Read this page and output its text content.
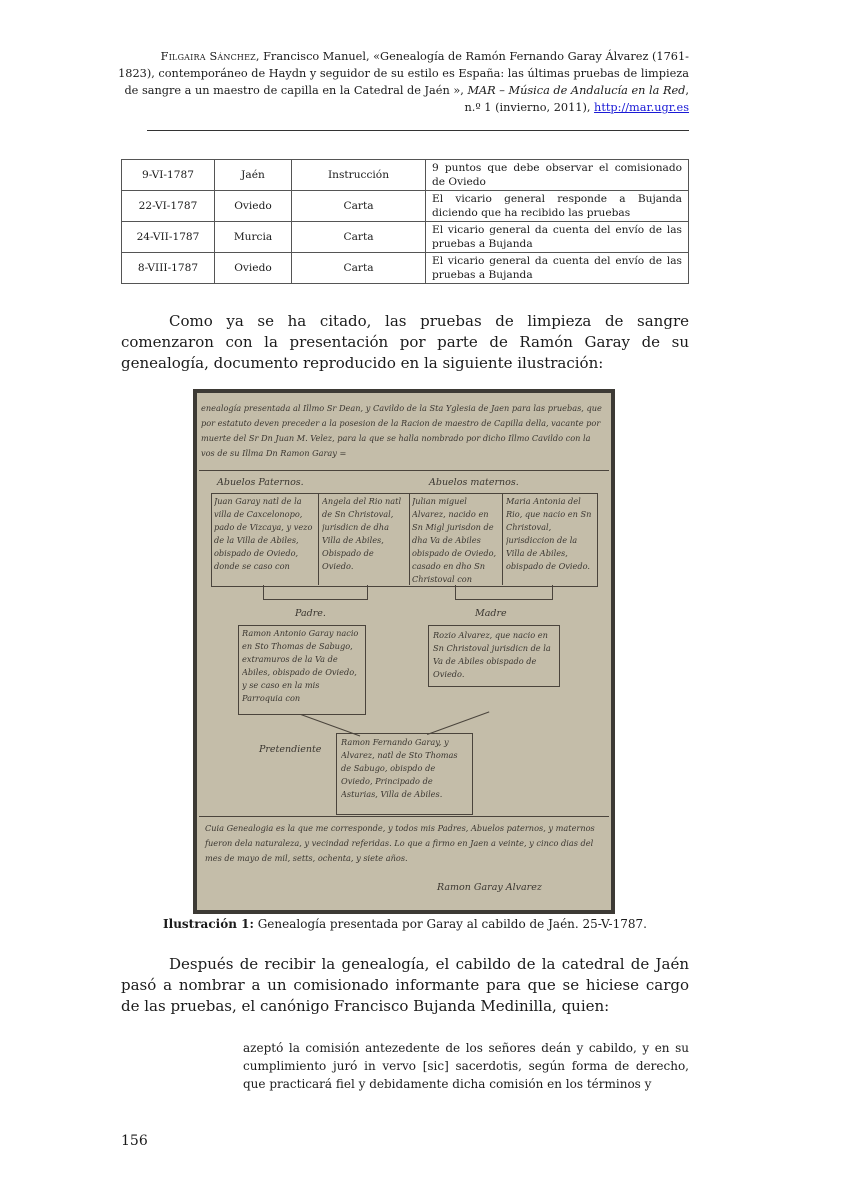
Filgaira Sánchez, Francisco Manuel, «Genealogía de Ramón Fernando Garay Álvarez (1761-
1823), contemporáneo de Haydn y seguidor de su estilo es España: las últimas pruebas de limpieza
de sangre a un maestro de capilla en la Catedral de Jaén », MAR – Música de Andalucía en la Red,
n.º 1 (invierno, 2011), http://mar.ugr.es
9-VI-1787	Jaén	Instrucción	9 puntos que debe observar el comisionado de Oviedo
22-VI-1787	Oviedo	Carta	El vicario general responde a Bujanda diciendo que ha recibido las pruebas
24-VII-1787	Murcia	Carta	El vicario general da cuenta del envío de las pruebas a Bujanda
8-VIII-1787	Oviedo	Carta	El vicario general da cuenta del envío de las pruebas a Bujanda
Como ya se ha citado, las pruebas de limpieza de sangre comenzaron con la presentación por parte de Ramón Garay de su genealogía, documento reproducido en la siguiente ilustración:
enealogía presentada al Illmo Sr Dean, y Cavildo de la Sta Yglesia de Jaen para las pruebas, que por estatuto deven preceder a la posesion de la Racion de maestro de Capilla della, vacante por muerte del Sr Dn Juan M. Velez, para la que se halla nombrado por dicho Illmo Cavildo con la vos de su Illma Dn Ramon Garay =
Abuelos Paternos.	Abuelos maternos.
Juan Garay natl de la villa de Caxcelonopo, pado de Vizcaya, y vezo de la Villa de Abiles, obispado de Oviedo, donde se caso con
Angela del Rio natl de Sn Christoval, jurisdicn de dha Villa de Abiles, Obispado de Oviedo.
Julian miguel Alvarez, nacido en Sn Migl jurisdon de dha Va de Abiles obispado de Oviedo, casado en dho Sn Christoval con
Maria Antonia del Rio, que nacio en Sn Christoval, jurisdiccion de la Villa de Abiles, obispado de Oviedo.
Padre.	Madre
Ramon Antonio Garay nacio en Sto Thomas de Sabugo, extramuros de la Va de Abiles, obispado de Oviedo, y se caso en la mis Parroquia con
Rozio Alvarez, que nacio en Sn Christoval jurisdicn de la Va de Abiles obispado de Oviedo.
Pretendiente
Ramon Fernando Garay, y Alvarez, natl de Sto Thomas de Sabugo, obispdo de Oviedo, Principado de Asturias, Villa de Abiles.
Cuia Genealogia es la que me corresponde, y todos mis Padres, Abuelos paternos, y maternos fueron dela naturaleza, y vecindad referidas. Lo que a firmo en Jaen a veinte, y cinco dias del mes de mayo de mil, setts, ochenta, y siete años.
Ramon Garay Alvarez
Ilustración 1: Genealogía presentada por Garay al cabildo de Jaén. 25-V-1787.
Después de recibir la genealogía, el cabildo de la catedral de Jaén pasó a nombrar a un comisionado informante para que se hiciese cargo de las pruebas, el canónigo Francisco Bujanda Medinilla, quien:
azeptó la comisión antezedente de los señores deán y cabildo, y en su cumplimiento juró in vervo [sic] sacerdotis, según forma de derecho, que practicará fiel y debidamente dicha comisión en los términos y
156
